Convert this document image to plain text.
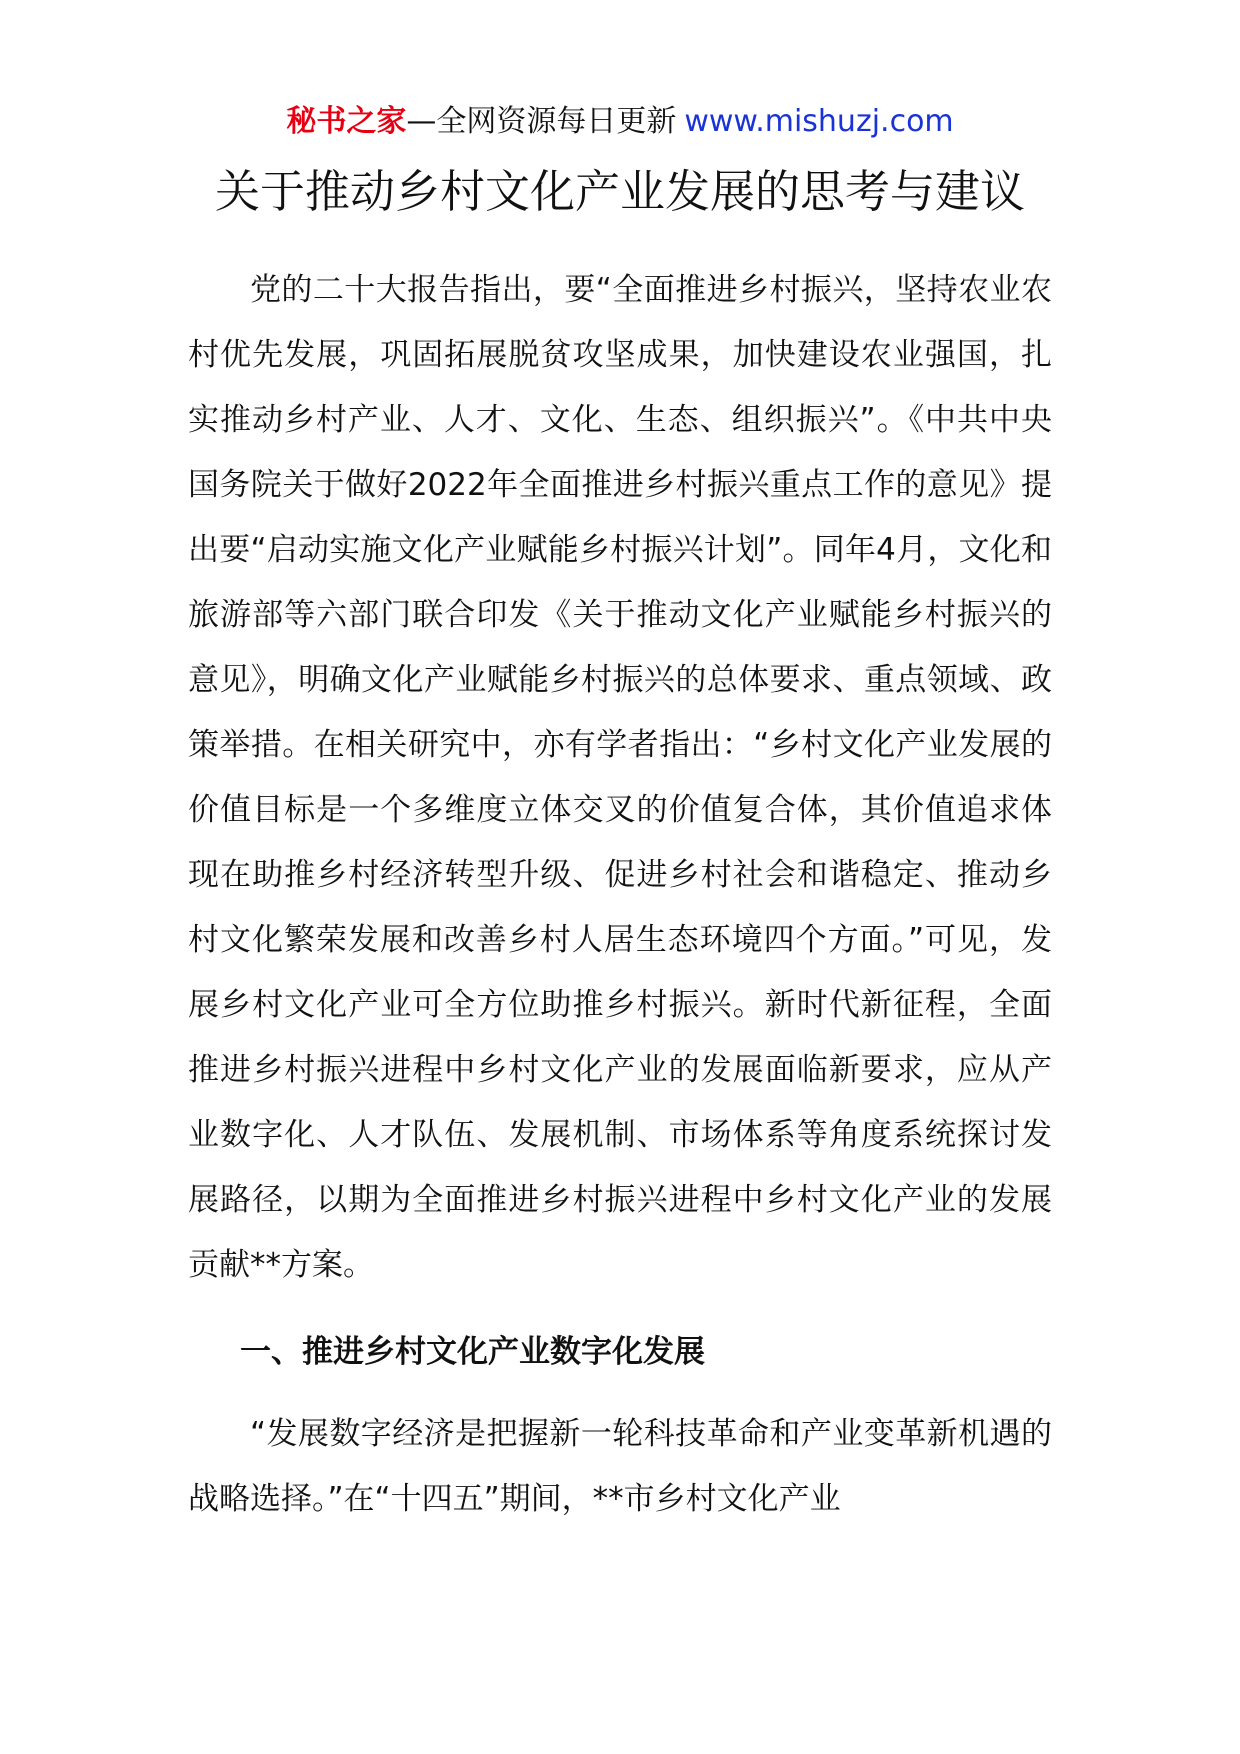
秘书之家—全网资源每日更新 www.mishuzj.com
关于推动乡村文化产业发展的思考与建议

党的二十大报告指出，要“全面推进乡村振兴，坚持农业农村优先发展，巩固拓展脱贫攻坚成果，加快建设农业强国，扎实推动乡村产业、人才、文化、生态、组织振兴”。《中共中央国务院关于做好2022年全面推进乡村振兴重点工作的意见》提出要“启动实施文化产业赋能乡村振兴计划”。同年4月，文化和旅游部等六部门联合印发《关于推动文化产业赋能乡村振兴的意见》，明确文化产业赋能乡村振兴的总体要求、重点领域、政策举措。在相关研究中，亦有学者指出：“乡村文化产业发展的价值目标是一个多维度立体交叉的价值复合体，其价值追求体现在助推乡村经济转型升级、促进乡村社会和谐稳定、推动乡村文化繁荣发展和改善乡村人居生态环境四个方面。”可见，发展乡村文化产业可全方位助推乡村振兴。新时代新征程，全面推进乡村振兴进程中乡村文化产业的发展面临新要求，应从产业数字化、人才队伍、发展机制、市场体系等角度系统探讨发展路径，以期为全面推进乡村振兴进程中乡村文化产业的发展贡献**方案。

一、推进乡村文化产业数字化发展

“发展数字经济是把握新一轮科技革命和产业变革新机遇的战略选择。”在“十四五”期间，**市乡村文化产业
